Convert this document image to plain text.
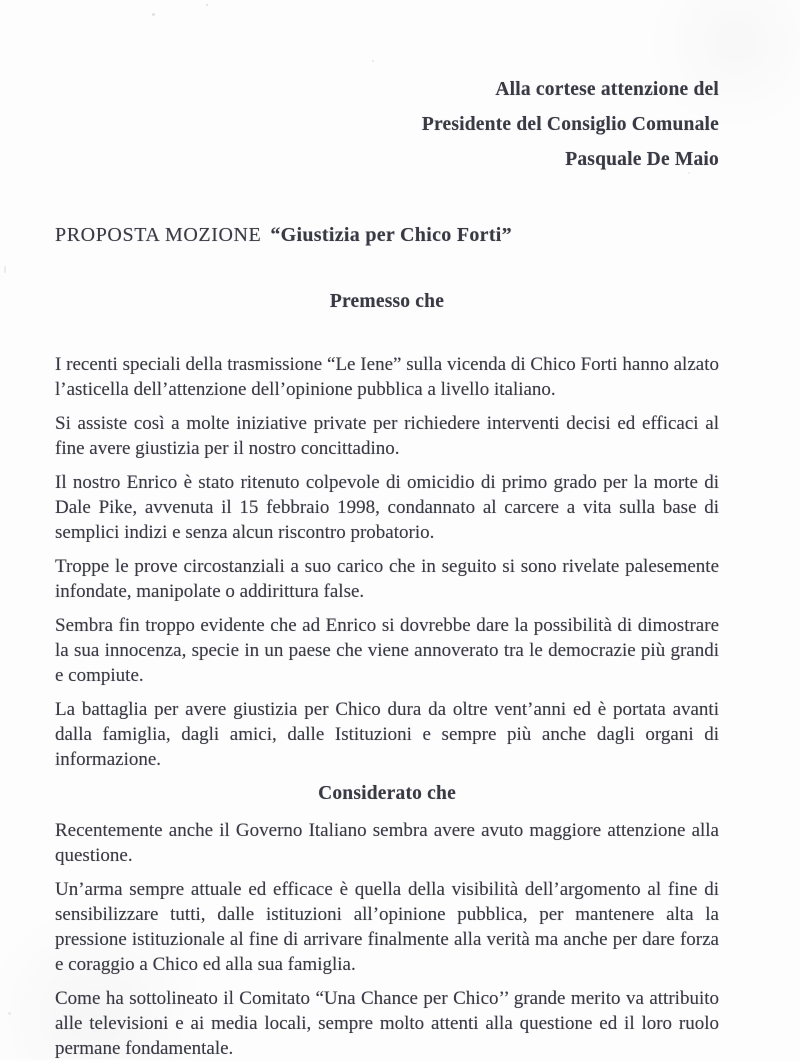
Alla cortese attenzione del
Presidente del Consiglio Comunale
Pasquale De Maio
PROPOSTA MOZIONE “Giustizia per Chico Forti”
Premesso che

I recenti speciali della trasmissione “Le Iene” sulla vicenda di Chico Forti hanno alzato l’asticella dell’attenzione dell’opinione pubblica a livello italiano.

Si assiste così a molte iniziative private per richiedere interventi decisi ed efficaci al fine avere giustizia per il nostro concittadino.

Il nostro Enrico è stato ritenuto colpevole di omicidio di primo grado per la morte di Dale Pike, avvenuta il 15 febbraio 1998, condannato al carcere a vita sulla base di semplici indizi e senza alcun riscontro probatorio.

Troppe le prove circostanziali a suo carico che in seguito si sono rivelate palesemente infondate, manipolate o addirittura false.

Sembra fin troppo evidente che ad Enrico si dovrebbe dare la possibilità di dimostrare la sua innocenza, specie in un paese che viene annoverato tra le democrazie più grandi e compiute.

La battaglia per avere giustizia per Chico dura da oltre vent’anni ed è portata avanti dalla famiglia, dagli amici, dalle Istituzioni e sempre più anche dagli organi di informazione.

Considerato che

Recentemente anche il Governo Italiano sembra avere avuto maggiore attenzione alla questione.

Un’arma sempre attuale ed efficace è quella della visibilità dell’argomento al fine di sensibilizzare tutti, dalle istituzioni all’opinione pubblica, per mantenere alta la pressione istituzionale al fine di arrivare finalmente alla verità ma anche per dare forza e coraggio a Chico ed alla sua famiglia.

Come ha sottolineato il Comitato “Una Chance per Chico’’ grande merito va attribuito alle televisioni e ai media locali, sempre molto attenti alla questione ed il loro ruolo permane fondamentale.
